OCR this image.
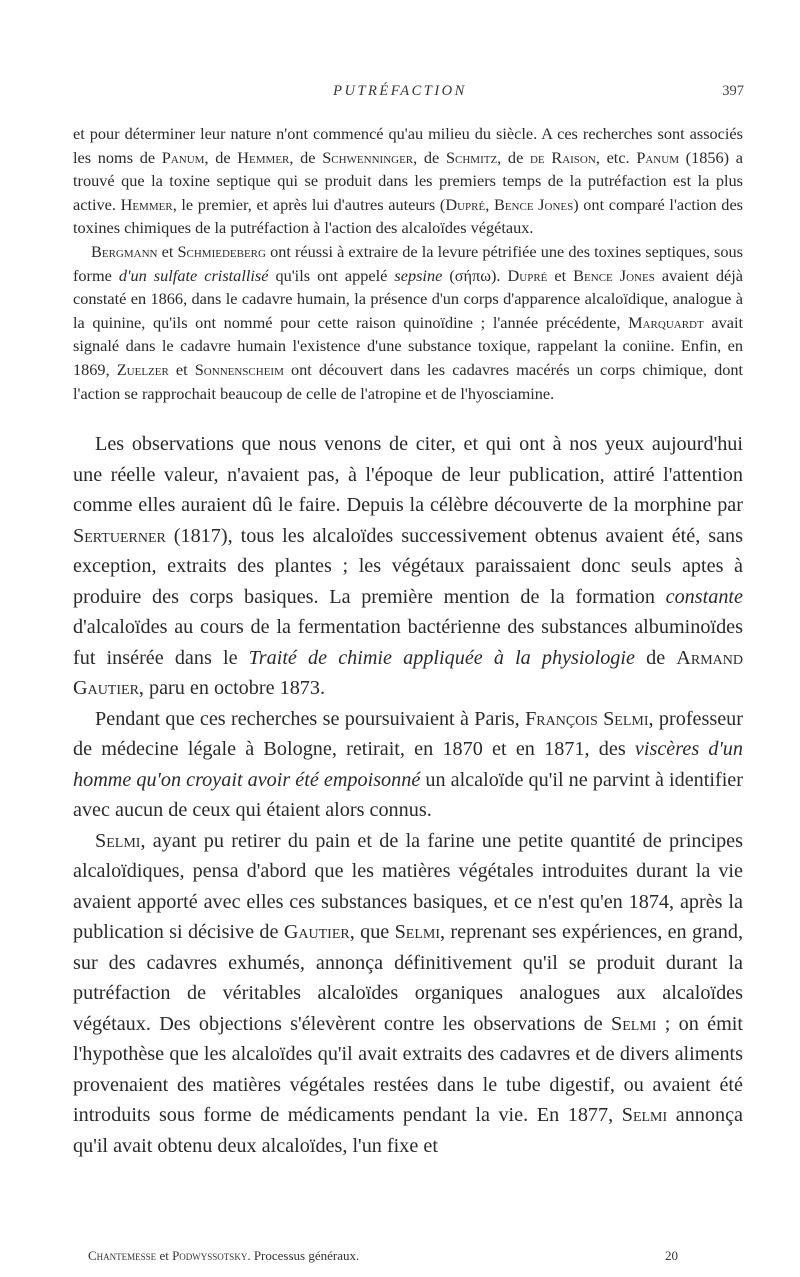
PUTRÉFACTION	397

et pour déterminer leur nature n'ont commencé qu'au milieu du siècle. A ces recherches sont associés les noms de Panum, de Hemmer, de Schwenninger, de Schmitz, de de Raison, etc. Panum (1856) a trouvé que la toxine septique qui se produit dans les premiers temps de la putréfaction est la plus active. Hemmer, le premier, et après lui d'autres auteurs (Dupré, Bence Jones) ont comparé l'action des toxines chimiques de la putréfaction à l'action des alcaloïdes végétaux.

Bergmann et Schmiedeberg ont réussi à extraire de la levure pétrifiée une des toxines septiques, sous forme d'un sulfate cristallisé qu'ils ont appelé sepsine (σήπω). Dupré et Bence Jones avaient déjà constaté en 1866, dans le cadavre humain, la présence d'un corps d'apparence alcaloïdique, analogue à la quinine, qu'ils ont nommé pour cette raison quinoïdine ; l'année précédente, Marquardt avait signalé dans le cadavre humain l'existence d'une substance toxique, rappelant la coniine. Enfin, en 1869, Zuelzer et Sonnenscheim ont découvert dans les cadavres macérés un corps chimique, dont l'action se rapprochait beaucoup de celle de l'atropine et de l'hyosciamine.

Les observations que nous venons de citer, et qui ont à nos yeux aujourd'hui une réelle valeur, n'avaient pas, à l'époque de leur publication, attiré l'attention comme elles auraient dû le faire. Depuis la célèbre découverte de la morphine par Sertuerner (1817), tous les alcaloïdes successivement obtenus avaient été, sans exception, extraits des plantes ; les végétaux paraissaient donc seuls aptes à produire des corps basiques. La première mention de la formation constante d'alcaloïdes au cours de la fermentation bactérienne des substances albuminoïdes fut insérée dans le Traité de chimie appliquée à la physiologie de Armand Gautier, paru en octobre 1873.

Pendant que ces recherches se poursuivaient à Paris, François Selmi, professeur de médecine légale à Bologne, retirait, en 1870 et en 1871, des viscères d'un homme qu'on croyait avoir été empoisonné un alcaloïde qu'il ne parvint à identifier avec aucun de ceux qui étaient alors connus.

Selmi, ayant pu retirer du pain et de la farine une petite quantité de principes alcaloïdiques, pensa d'abord que les matières végétales introduites durant la vie avaient apporté avec elles ces substances basiques, et ce n'est qu'en 1874, après la publication si décisive de Gautier, que Selmi, reprenant ses expériences, en grand, sur des cadavres exhumés, annonça définitivement qu'il se produit durant la putréfaction de véritables alcaloïdes organiques analogues aux alcaloïdes végétaux. Des objections s'élevèrent contre les observations de Selmi ; on émit l'hypothèse que les alcaloïdes qu'il avait extraits des cadavres et de divers aliments provenaient des matières végétales restées dans le tube digestif, ou avaient été introduits sous forme de médicaments pendant la vie. En 1877, Selmi annonça qu'il avait obtenu deux alcaloïdes, l'un fixe et

Chantemesse et Podwyssotsky. Processus généraux.	20
